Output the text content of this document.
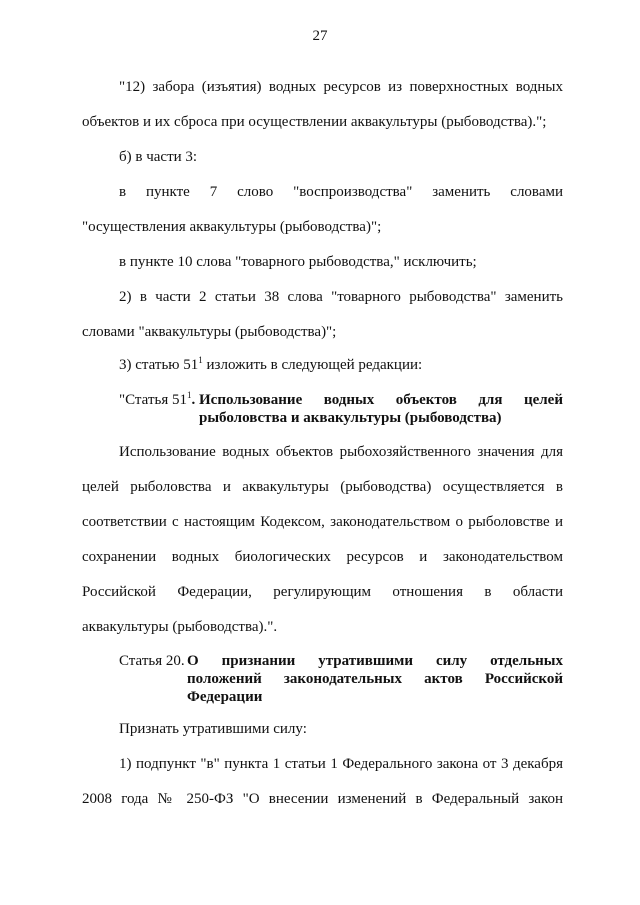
27
"12) забора (изъятия) водных ресурсов из поверхностных водных
объектов и их сброса при осуществлении аквакультуры (рыбоводства).";
б) в части 3:
в пункте 7 слово "воспроизводства" заменить словами
"осуществления аквакультуры (рыбоводства)";
в пункте 10 слова "товарного рыбоводства," исключить;
2) в части 2 статьи 38 слова "товарного рыбоводства" заменить
словами "аквакультуры (рыбоводства)";
3) статью $51^1$ изложить в следующей редакции:
"Статья $51^1$. Использование водных объектов для целей
рыболовства и аквакультуры (рыбоводства)
Использование водных объектов рыбохозяйственного значения для
целей рыболовства и аквакультуры (рыбоводства) осуществляется в
соответствии с настоящим Кодексом, законодательством о рыболовстве и
сохранении водных биологических ресурсов и законодательством
Российской Федерации, регулирующим отношения в области
аквакультуры (рыбоводства).".
Статья 20. О признании утратившими силу отдельных
положений законодательных актов Российской
Федерации
Признать утратившими силу:
1) подпункт "в" пункта 1 статьи 1 Федерального закона от 3 декабря
2008 года № 250-ФЗ "О внесении изменений в Федеральный закон
